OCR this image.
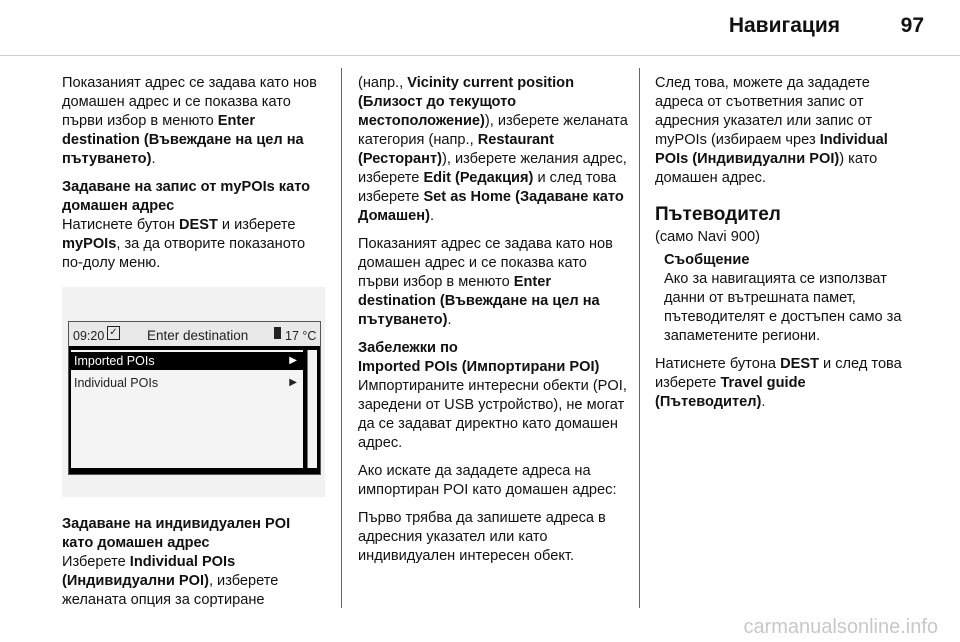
Навигация	97

Показаният адрес се задава като нов домашен адрес и се показва като първи избор в менюто Enter destination (Въвеждане на цел на пътуването).

Задаване на запис от myPOIs като домашен адрес

Натиснете бутон DEST и изберете myPOIs, за да отворите показаното по-долу меню.

09:20 ✓ Enter destination	17 °C
Imported POIs	▶
Individual POIs	▶

Задаване на индивидуален POI като домашен адрес

Изберете Individual POIs (Индивидуални POI), изберете желаната опция за сортиране

(напр., Vicinity current position (Близост до текущото местоположение)), изберете желаната категория (напр., Restaurant (Ресторант)), изберете желания адрес, изберете Edit (Редакция) и след това изберете Set as Home (Задаване като Домашен).

Показаният адрес се задава като нов домашен адрес и се показва като първи избор в менюто Enter destination (Въвеждане на цел на пътуването).

Забележки по

Imported POIs (Импортирани POI)

Импортираните интересни обекти (POI, заредени от USB устройство), не могат да се задават директно като домашен адрес.

Ако искате да зададете адреса на импортиран POI като домашен адрес:

Първо трябва да запишете адреса в адресния указател или като индивидуален интересен обект.

След това, можете да зададете адреса от съответния запис от адресния указател или запис от myPOIs (избираем чрез Individual POIs (Индивидуални POI)) като домашен адрес.

Пътеводител

(само Navi 900)

Съобщение

Ако за навигацията се използват данни от вътрешната памет, пътеводителят е достъпен само за запаметените региони.

Натиснете бутона DEST и след това изберете Travel guide (Пътеводител).

carmanualsonline.info
